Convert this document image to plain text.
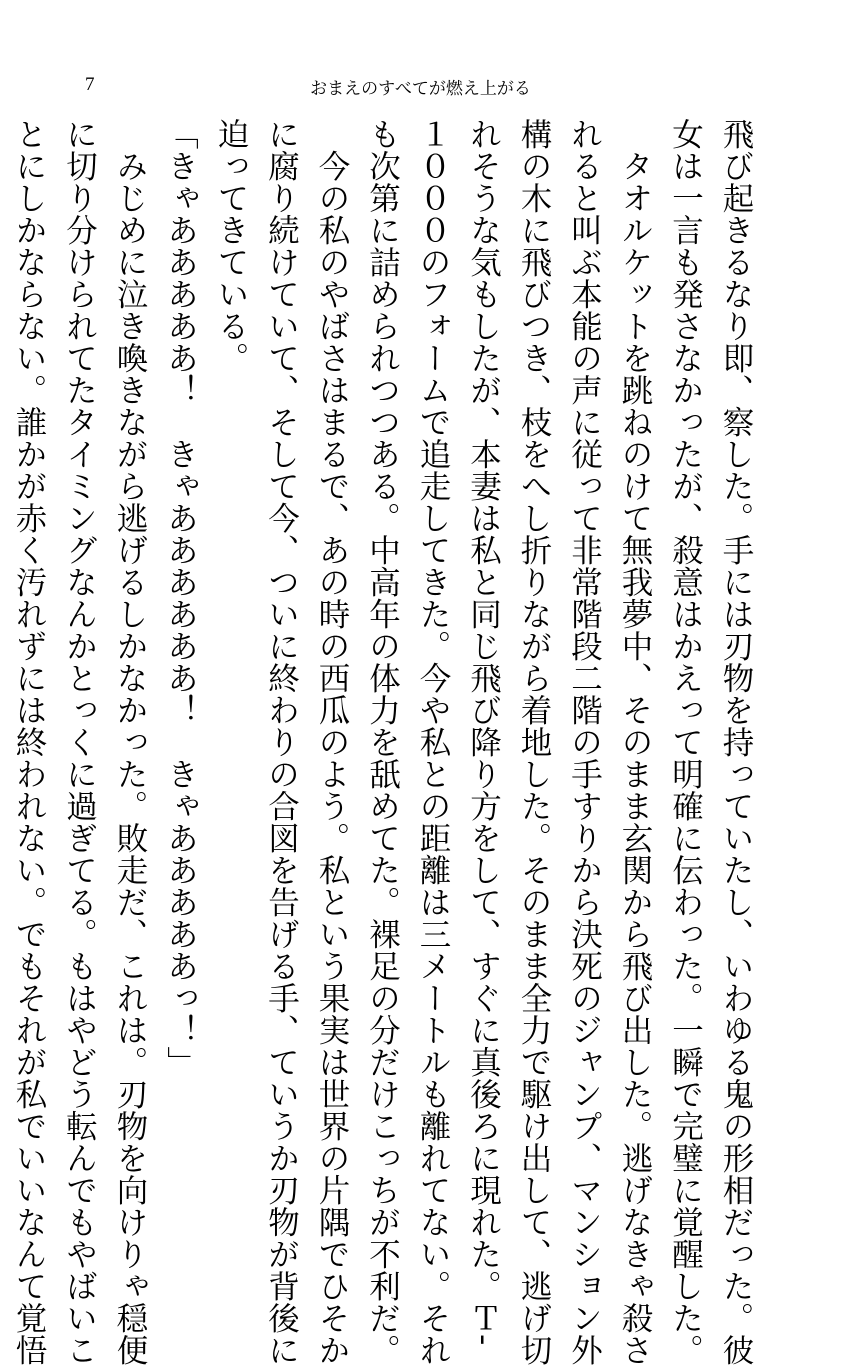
7	おまえのすべてが燃え上がる

飛び起きるなり即、察した。手には刃物を持っていたし、いわゆる鬼の形相だった。彼

女は一言も発さなかったが、殺意はかえって明確に伝わった。一瞬で完璧に覚醒した。

　タオルケットを跳ねのけて無我夢中、そのまま玄関から飛び出した。逃げなきゃ殺さ

れると叫ぶ本能の声に従って非常階段二階の手すりから決死のジャンプ、マンション外

構の木に飛びつき、枝をへし折りながら着地した。そのまま全力で駆け出して、逃げ切

れそうな気もしたが、本妻は私と同じ飛び降り方をして、すぐに真後ろに現れた。Ｔ‐

１０００のフォームで追走してきた。今や私との距離は三メートルも離れてない。それ

も次第に詰められつつある。中高年の体力を舐めてた。裸足の分だけこっちが不利だ。

　今の私のやばさはまるで、あの時の西瓜のよう。私という果実は世界の片隅でひそか

に腐り続けていて、そして今、ついに終わりの合図を告げる手、ていうか刃物が背後に

迫ってきている。

「きゃあああああ！　きゃああああああ！　きゃあああああっ！」

　みじめに泣き喚きながら逃げるしかなかった。敗走だ、これは。刃物を向けりゃ穏便

に切り分けられてたタイミングなんかとっくに過ぎてる。もはやどう転んでもやばいこ

とにしかならない。誰かが赤く汚れずには終われない。でもそれが私でいいなんて覚悟
